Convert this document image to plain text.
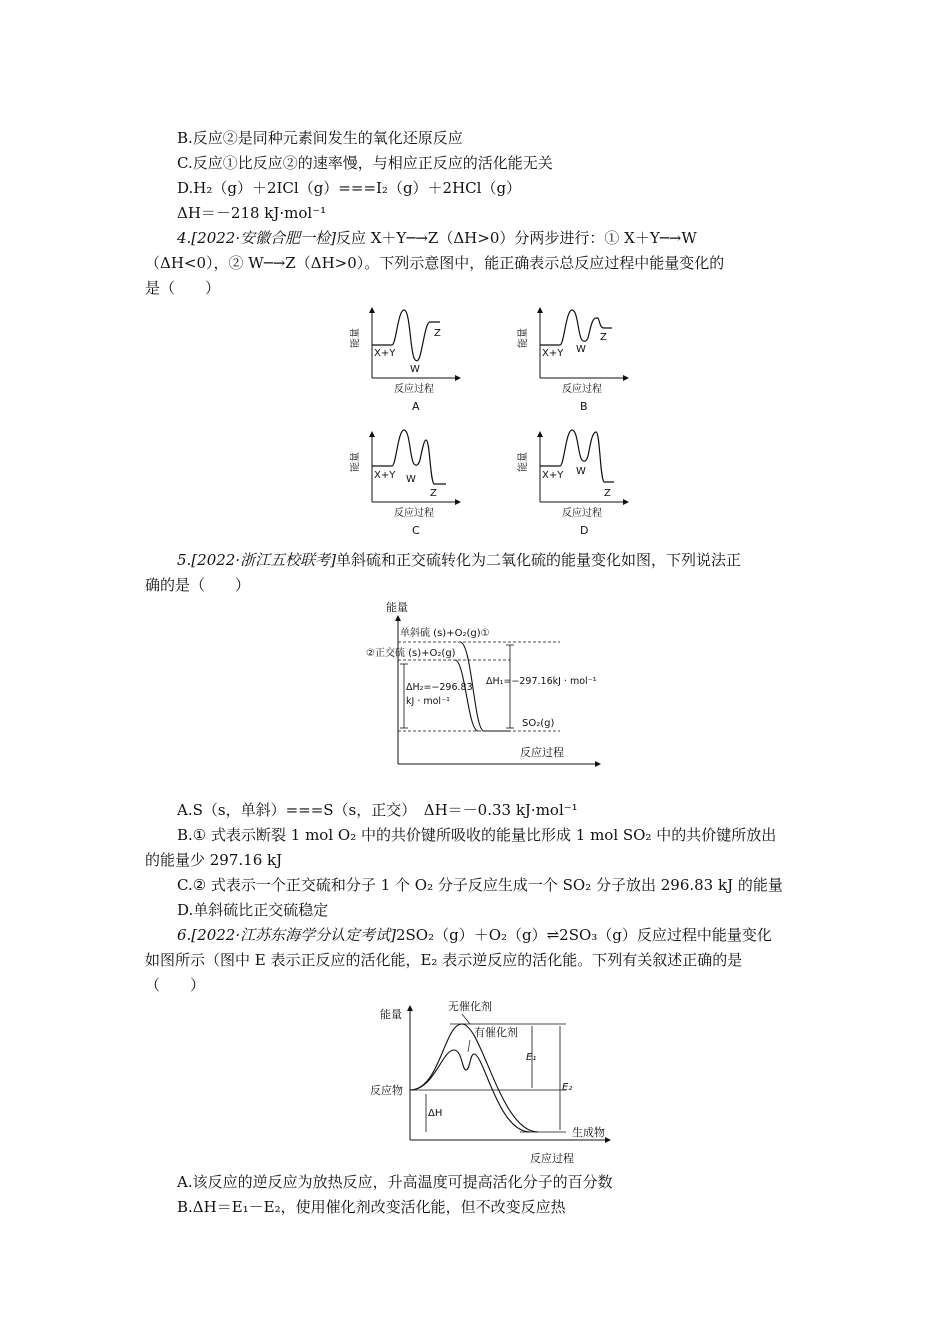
B.反应②是同种元素间发生的氧化还原反应
C.反应①比反应②的速率慢，与相应正反应的活化能无关
D.H₂（g）＋2ICl（g）===I₂（g）＋2HCl（g）
ΔH＝－218 kJ·mol⁻¹
4.[2022·安徽合肥一检]反应 X＋Y─→Z（ΔH>0）分两步进行：① X＋Y─→W
（ΔH<0），② W─→Z（ΔH>0）。下列示意图中，能正确表示总反应过程中能量变化的
是（　　）
能量
X+Y
W
Z
反应过程
A
能量
X+Y W
Z
反应过程
B
能量
X+Y W
Z
反应过程
C
能量
X+Y W
Z
反应过程
D
5.[2022·浙江五校联考]单斜硫和正交硫转化为二氧化硫的能量变化如图，下列说法正
确的是（　　）
能量
单斜硫 (s)+O₂(g)①
②正交硫 (s)+O₂(g)
ΔH₂=−296.83
kJ · mol⁻¹
ΔH₁=−297.16kJ · mol⁻¹
SO₂(g)
反应过程
A.S（s，单斜）===S（s，正交）　ΔH＝－0.33 kJ·mol⁻¹
B.① 式表示断裂 1 mol O₂ 中的共价键所吸收的能量比形成 1 mol SO₂ 中的共价键所放出
的能量少 297.16 kJ
C.② 式表示一个正交硫和分子 1 个 O₂ 分子反应生成一个 SO₂ 分子放出 296.83 kJ 的能量
D.单斜硫比正交硫稳定
6.[2022·江苏东海学分认定考试]2SO₂（g）＋O₂（g）⇌2SO₃（g）反应过程中能量变化
如图所示（图中 E 表示正反应的活化能，E₂ 表示逆反应的活化能。下列有关叙述正确的是
（　　）
能量
无催化剂
有催化剂
E₁
E₂
反应物
ΔH
生成物
反应过程
A.该反应的逆反应为放热反应，升高温度可提高活化分子的百分数
B.ΔH＝E₁－E₂，使用催化剂改变活化能，但不改变反应热
